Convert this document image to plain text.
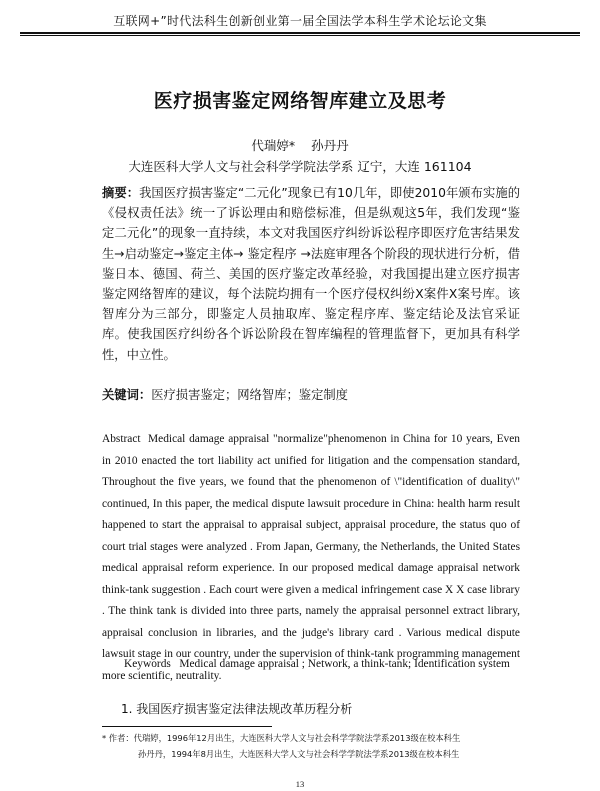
互联网+”时代法科生创新创业第一届全国法学本科生学术论坛论文集
医疗损害鉴定网络智库建立及思考
代瑞婷* 孙丹丹
大连医科大学人文与社会科学学院法学系 辽宁，大连 161104
摘要：我国医疗损害鉴定“二元化”现象已有10几年，即使2010年颁布实施的《侵权责任法》统一了诉讼理由和赔偿标准，但是纵观这5年，我们发现“鉴定二元化”的现象一直持续，本文对我国医疗纠纷诉讼程序即医疗危害结果发生→启动鉴定→鉴定主体→ 鉴定程序 →法庭审理各个阶段的现状进行分析，借鉴日本、德国、荷兰、美国的医疗鉴定改革经验，对我国提出建立医疗损害鉴定网络智库的建议，每个法院均拥有一个医疗侵权纠纷X案件X案号库。该智库分为三部分，即鉴定人员抽取库、鉴定程序库、鉴定结论及法官采证库。使我国医疗纠纷各个诉讼阶段在智库编程的管理监督下，更加具有科学性，中立性。
关键词：医疗损害鉴定；网络智库；鉴定制度
Abstract Medical damage appraisal "normalize"phenomenon in China for 10 years, Even in 2010 enacted the tort liability act unified for litigation and the compensation standard, Throughout the five years, we found that the phenomenon of \"identification of duality\" continued, In this paper, the medical dispute lawsuit procedure in China: health harm result happened to start the appraisal to appraisal subject, appraisal procedure, the status quo of court trial stages were analyzed . From Japan, Germany, the Netherlands, the United States medical appraisal reform experience. In our proposed medical damage appraisal network think-tank suggestion . Each court were given a medical infringement case X X case library . The think tank is divided into three parts, namely the appraisal personnel extract library, appraisal conclusion in libraries, and the judge's library card . Various medical dispute lawsuit stage in our country, under the supervision of think-tank programming management more scientific, neutrality.
Keywords Medical damage appraisal ; Network, a think-tank; Identification system
1. 我国医疗损害鉴定法律法规改革历程分析
* 作者：代瑞婷，1996年12月出生，大连医科大学人文与社会科学学院法学系2013级在校本科生
孙丹丹，1994年8月出生，大连医科大学人文与社会科学学院法学系2013级在校本科生
13
